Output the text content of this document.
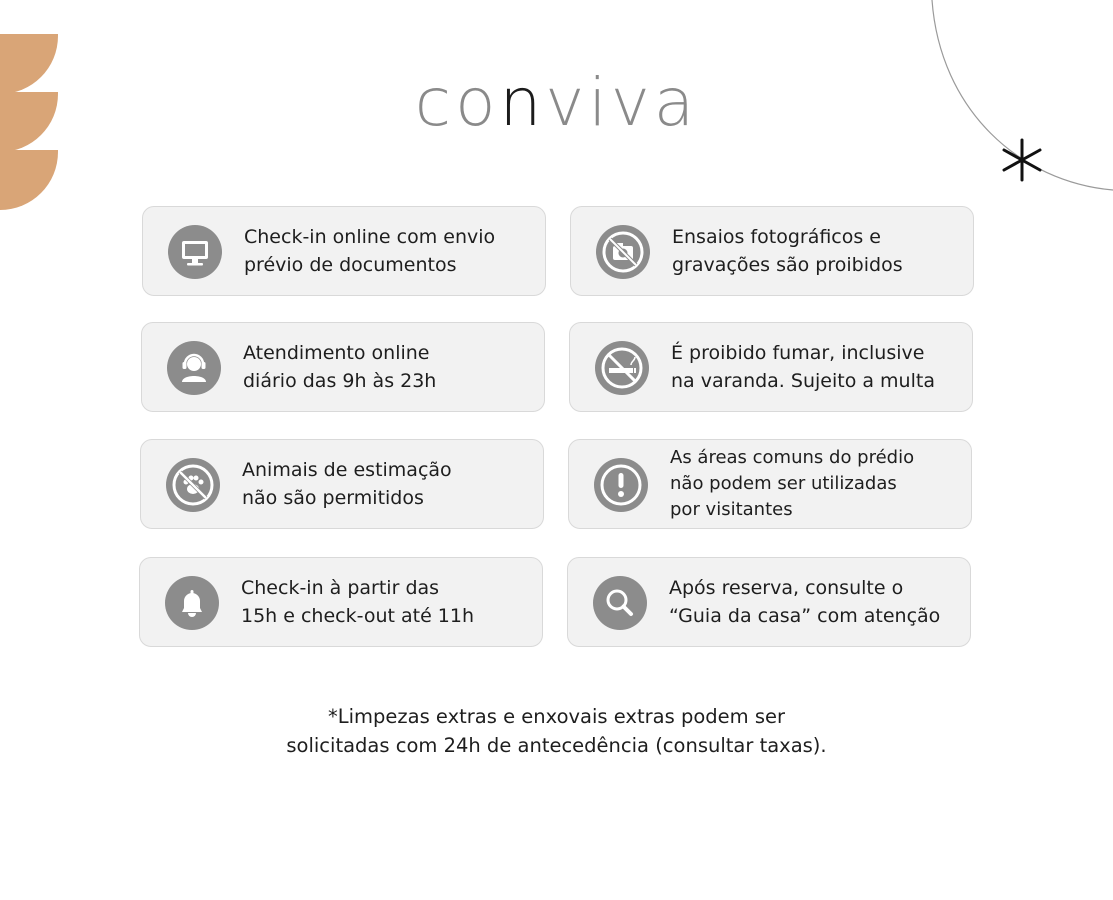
conviva
Check-in online com envio
prévio de documentos
Ensaios fotográficos e
gravações são proibidos
Atendimento online
diário das 9h às 23h
É proibido fumar, inclusive
na varanda. Sujeito a multa
Animais de estimação
não são permitidos
As áreas comuns do prédio
não podem ser utilizadas
por visitantes
Check-in à partir das
15h e check-out até 11h
Após reserva, consulte o
“Guia da casa” com atenção
*Limpezas extras e enxovais extras podem ser
solicitadas com 24h de antecedência (consultar taxas).
